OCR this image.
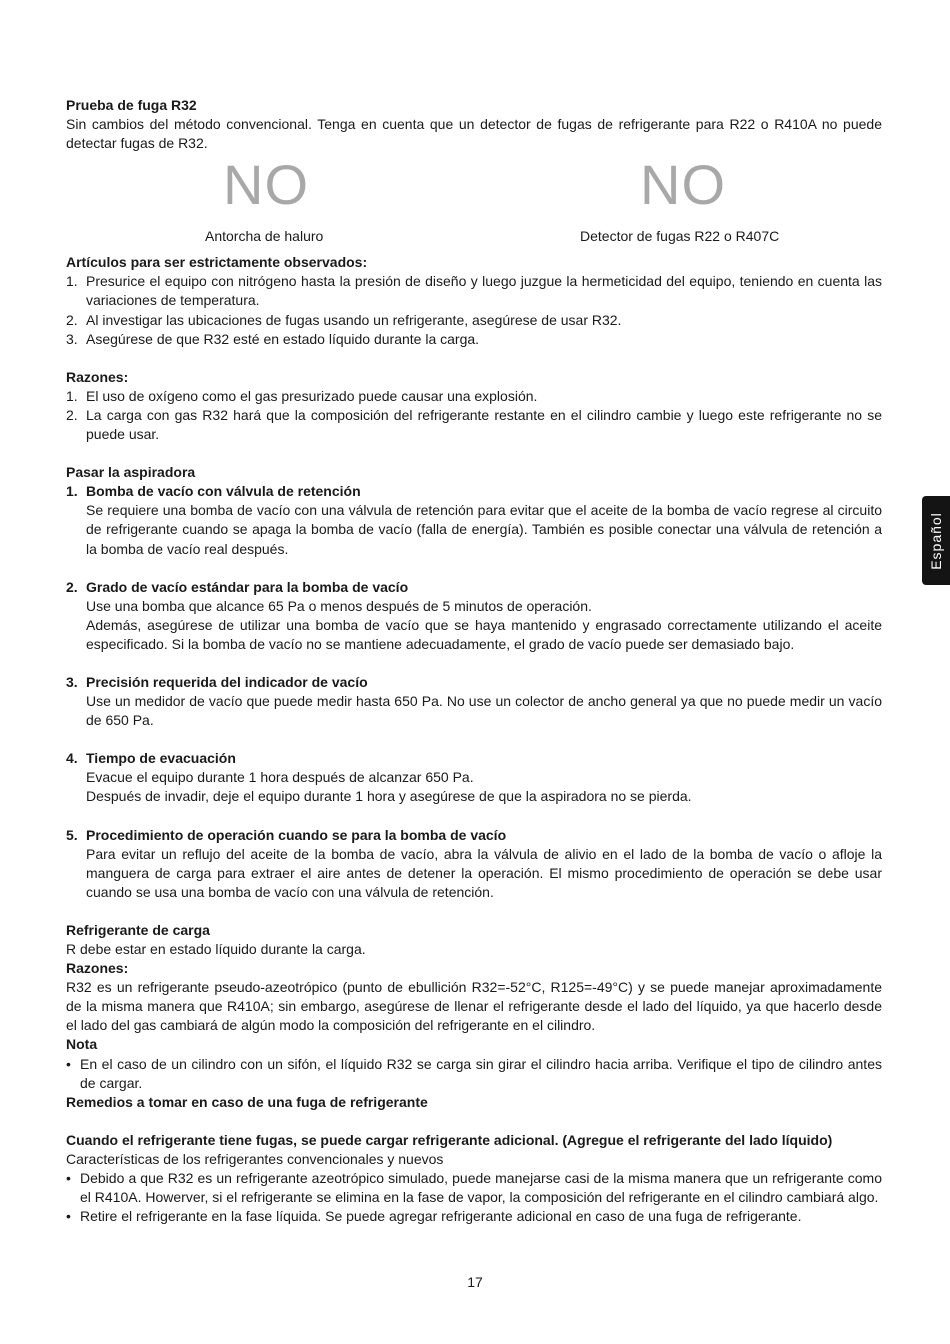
Prueba de fuga R32

Sin cambios del método convencional. Tenga en cuenta que un detector de fugas de refrigerante para R22 o R410A no puede detectar fugas de R32.

NO
Antorcha de haluro
NO
Detector de fugas R22 o R407C
Artículos para ser estrictamente observados:
1. Presurice el equipo con nitrógeno hasta la presión de diseño y luego juzgue la hermeticidad del equipo, teniendo en cuenta las variaciones de temperatura.
2. Al investigar las ubicaciones de fugas usando un refrigerante, asegúrese de usar R32.
3. Asegúrese de que R32 esté en estado líquido durante la carga.
Razones:
1. El uso de oxígeno como el gas presurizado puede causar una explosión.
2. La carga con gas R32 hará que la composición del refrigerante restante en el cilindro cambie y luego este refrigerante no se puede usar.
Pasar la aspiradora
1. Bomba de vacío con válvula de retención

Se requiere una bomba de vacío con una válvula de retención para evitar que el aceite de la bomba de vacío regrese al circuito de refrigerante cuando se apaga la bomba de vacío (falla de energía). También es posible conectar una válvula de retención a la bomba de vacío real después.

2. Grado de vacío estándar para la bomba de vacío

Use una bomba que alcance 65 Pa o menos después de 5 minutos de operación.

Además, asegúrese de utilizar una bomba de vacío que se haya mantenido y engrasado correctamente utilizando el aceite especificado. Si la bomba de vacío no se mantiene adecuadamente, el grado de vacío puede ser demasiado bajo.

3. Precisión requerida del indicador de vacío

Use un medidor de vacío que puede medir hasta 650 Pa. No use un colector de ancho general ya que no puede medir un vacío de 650 Pa.

4. Tiempo de evacuación

Evacue el equipo durante 1 hora después de alcanzar 650 Pa.

Después de invadir, deje el equipo durante 1 hora y asegúrese de que la aspiradora no se pierda.

5. Procedimiento de operación cuando se para la bomba de vacío

Para evitar un reflujo del aceite de la bomba de vacío, abra la válvula de alivio en el lado de la bomba de vacío o afloje la manguera de carga para extraer el aire antes de detener la operación. El mismo procedimiento de operación se debe usar cuando se usa una bomba de vacío con una válvula de retención.

Refrigerante de carga

R debe estar en estado líquido durante la carga.

Razones:

R32 es un refrigerante pseudo-azeotrópico (punto de ebullición R32=-52°C, R125=-49°C) y se puede manejar aproximadamente de la misma manera que R410A; sin embargo, asegúrese de llenar el refrigerante desde el lado del líquido, ya que hacerlo desde el lado del gas cambiará de algún modo la composición del refrigerante en el cilindro.

Nota
• En el caso de un cilindro con un sifón, el líquido R32 se carga sin girar el cilindro hacia arriba. Verifique el tipo de cilindro antes de cargar.
Remedios a tomar en caso de una fuga de refrigerante
Cuando el refrigerante tiene fugas, se puede cargar refrigerante adicional. (Agregue el refrigerante del lado líquido)

Características de los refrigerantes convencionales y nuevos

• Debido a que R32 es un refrigerante azeotrópico simulado, puede manejarse casi de la misma manera que un refrigerante como el R410A. Howerver, si el refrigerante se elimina en la fase de vapor, la composición del refrigerante en el cilindro cambiará algo.
• Retire el refrigerante en la fase líquida. Se puede agregar refrigerante adicional en caso de una fuga de refrigerante.
Español
17
